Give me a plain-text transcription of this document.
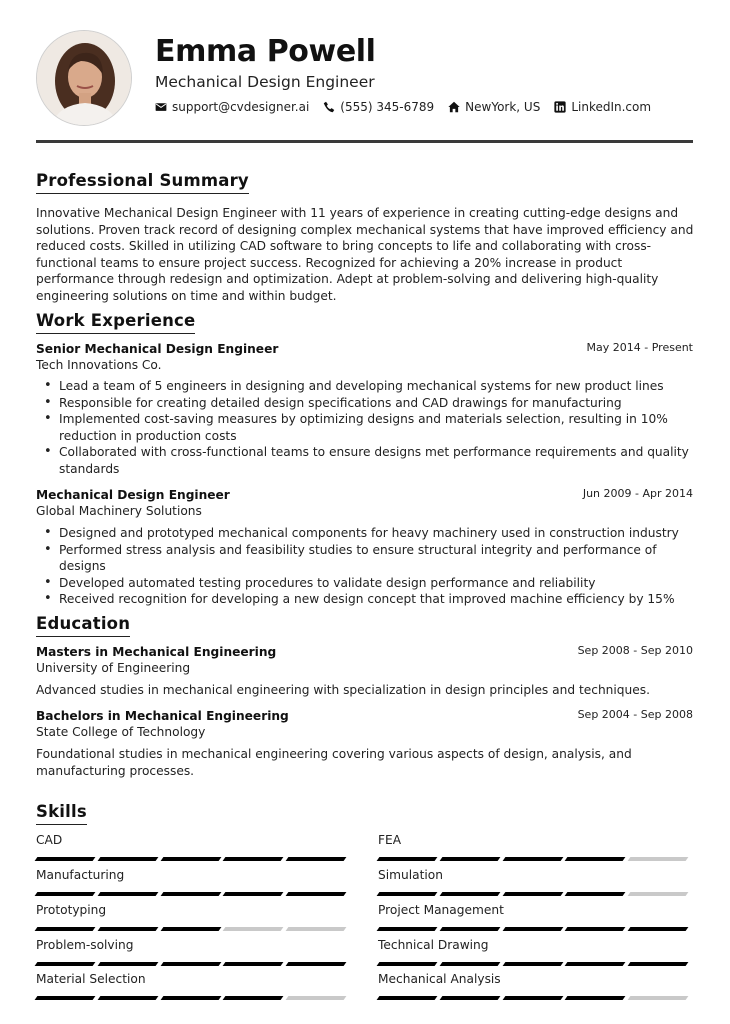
Emma Powell
Mechanical Design Engineer
support@cvdesigner.ai	(555) 345-6789	NewYork, US	LinkedIn.com
Professional Summary
Innovative Mechanical Design Engineer with 11 years of experience in creating cutting-edge designs and solutions. Proven track record of designing complex mechanical systems that have improved efficiency and reduced costs. Skilled in utilizing CAD software to bring concepts to life and collaborating with cross-functional teams to ensure project success. Recognized for achieving a 20% increase in product performance through redesign and optimization. Adept at problem-solving and delivering high-quality engineering solutions on time and within budget.
Work Experience
Senior Mechanical Design Engineer	May 2014 - Present
Tech Innovations Co.
• Lead a team of 5 engineers in designing and developing mechanical systems for new product lines
• Responsible for creating detailed design specifications and CAD drawings for manufacturing
• Implemented cost-saving measures by optimizing designs and materials selection, resulting in 10% reduction in production costs
• Collaborated with cross-functional teams to ensure designs met performance requirements and quality standards
Mechanical Design Engineer	Jun 2009 - Apr 2014
Global Machinery Solutions
• Designed and prototyped mechanical components for heavy machinery used in construction industry
• Performed stress analysis and feasibility studies to ensure structural integrity and performance of designs
• Developed automated testing procedures to validate design performance and reliability
• Received recognition for developing a new design concept that improved machine efficiency by 15%
Education
Masters in Mechanical Engineering	Sep 2008 - Sep 2010
University of Engineering
Advanced studies in mechanical engineering with specialization in design principles and techniques.
Bachelors in Mechanical Engineering	Sep 2004 - Sep 2008
State College of Technology
Foundational studies in mechanical engineering covering various aspects of design, analysis, and manufacturing processes.
Skills
CAD	FEA
Manufacturing	Simulation
Prototyping	Project Management
Problem-solving	Technical Drawing
Material Selection	Mechanical Analysis
